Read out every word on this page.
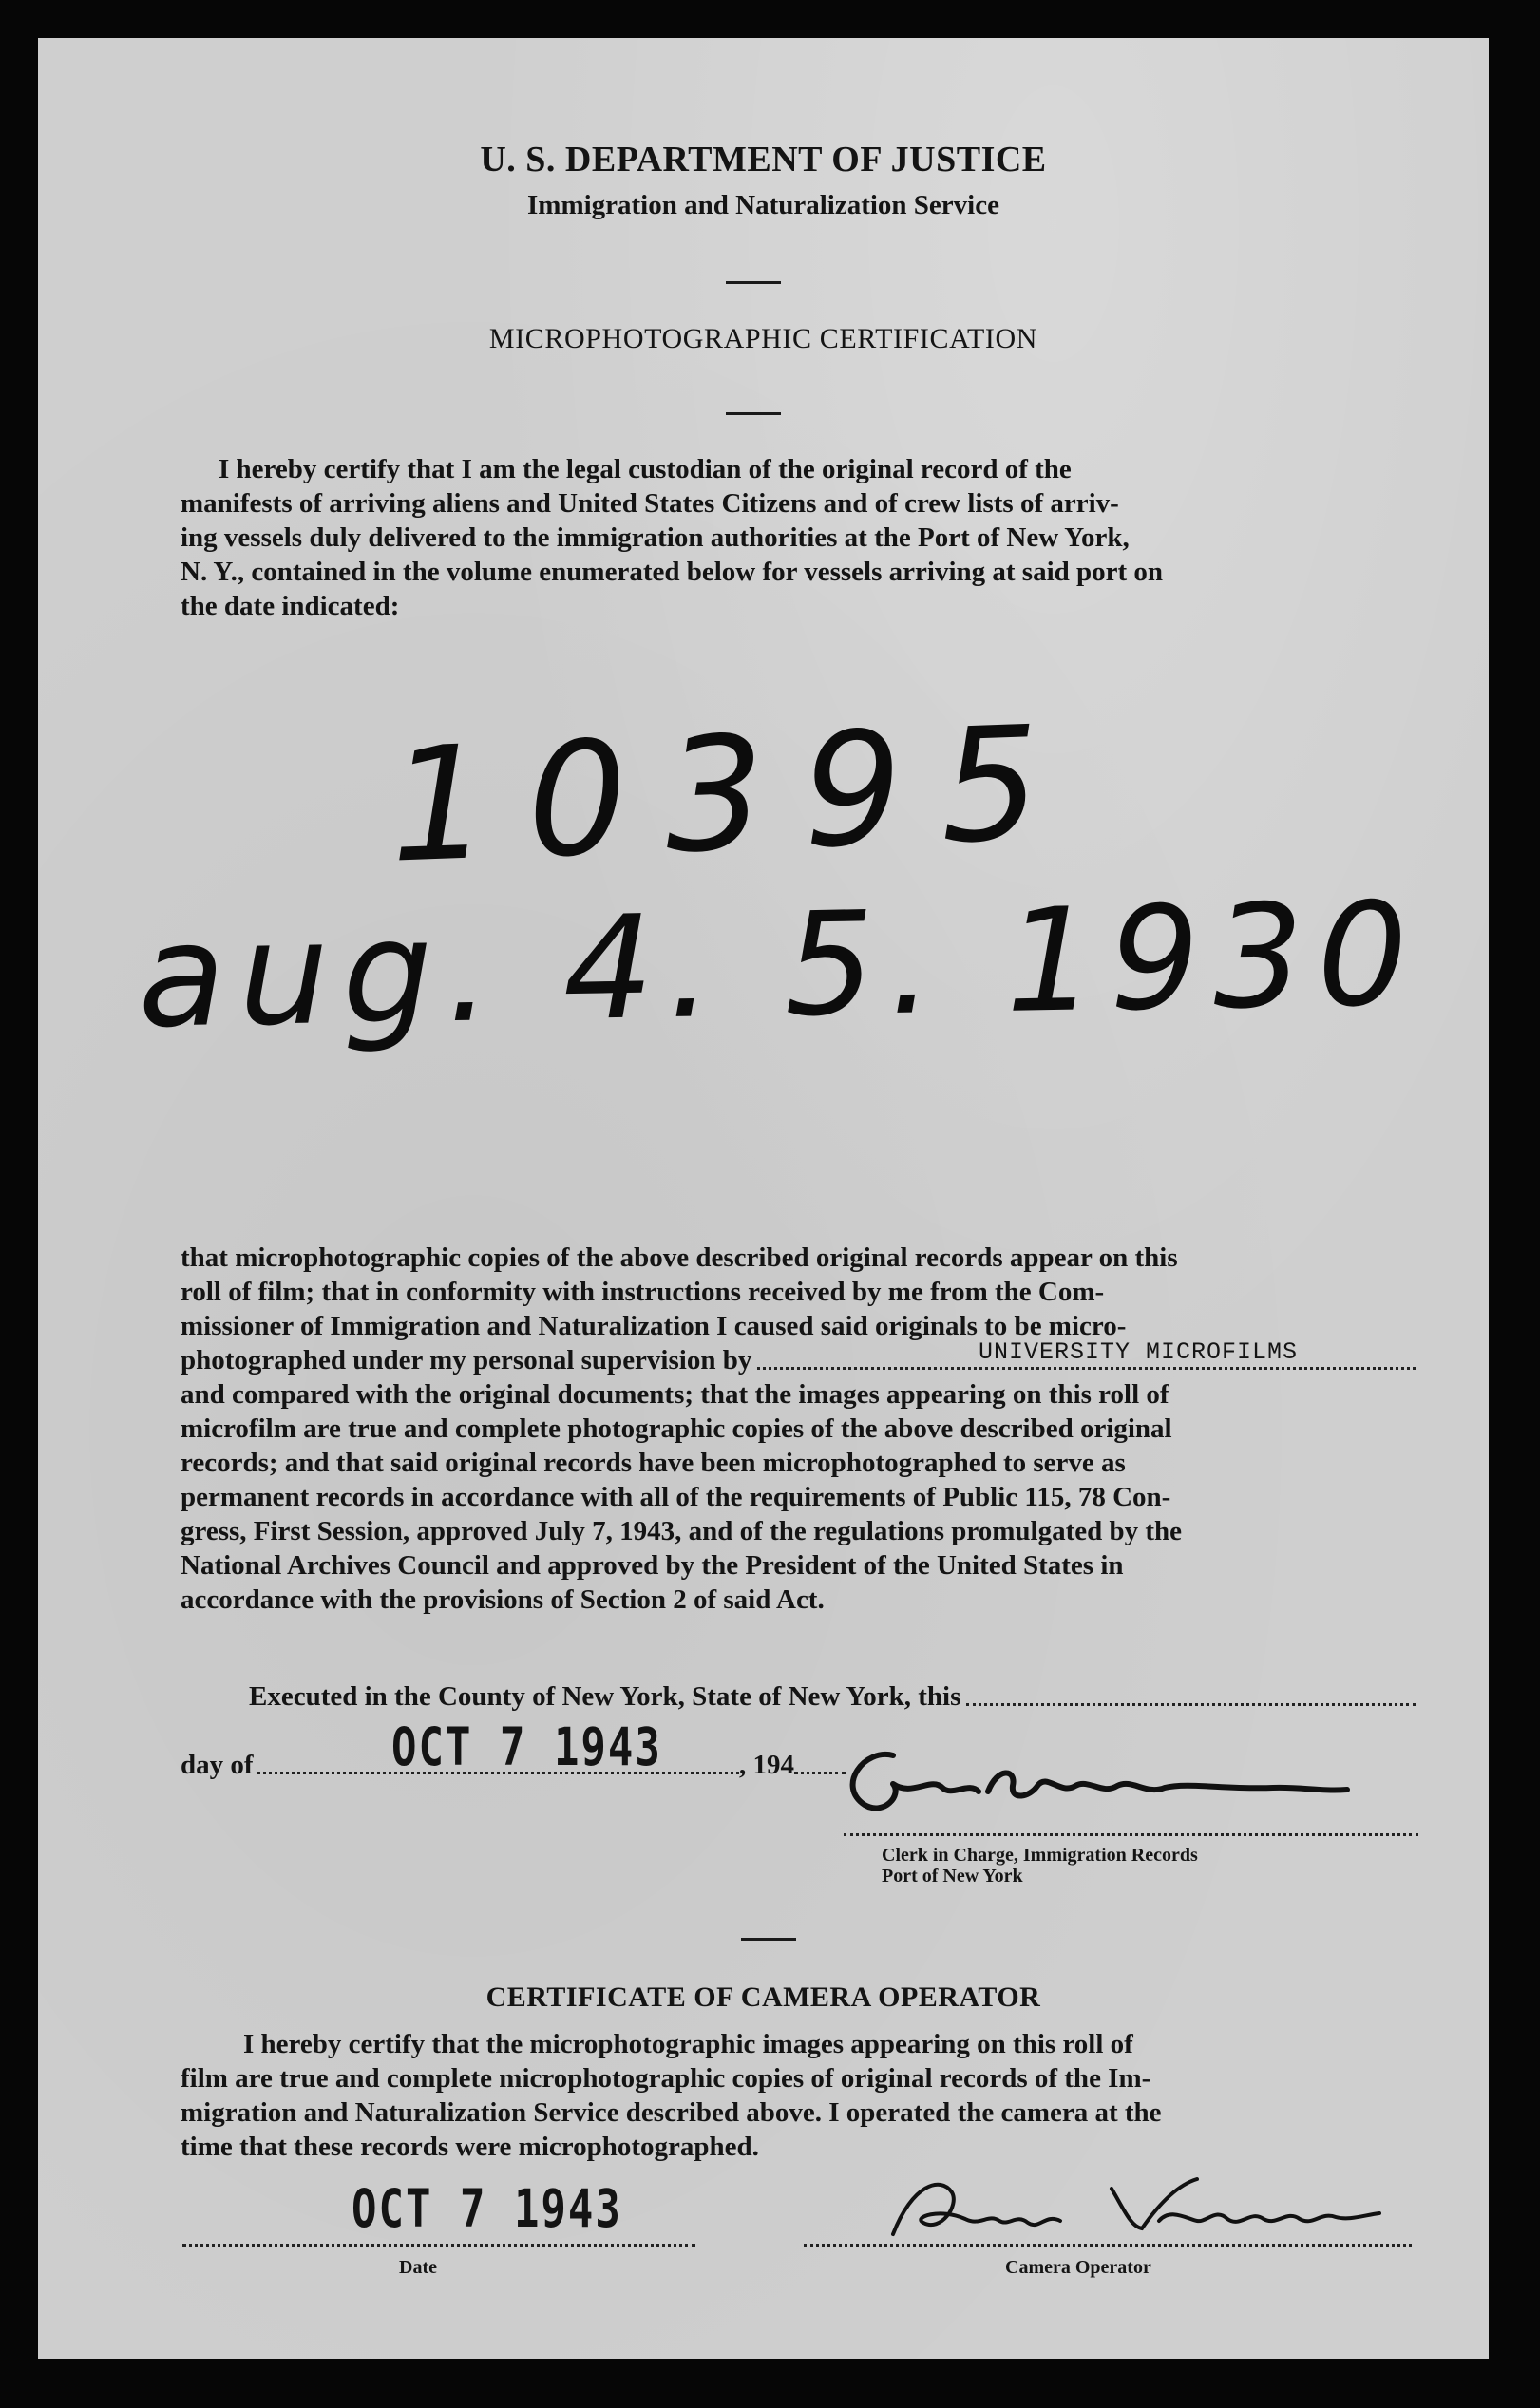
U. S. DEPARTMENT OF JUSTICE
Immigration and Naturalization Service
MICROPHOTOGRAPHIC CERTIFICATION
I hereby certify that I am the legal custodian of the original record of the
manifests of arriving aliens and United States Citizens and of crew lists of arriv-
ing vessels duly delivered to the immigration authorities at the Port of New York,
N. Y., contained in the volume enumerated below for vessels arriving at said port on
the date indicated:
10395
aug. 4. 5. 1930
that microphotographic copies of the above described original records appear on this
roll of film; that in conformity with instructions received by me from the Com-
missioner of Immigration and Naturalization I caused said originals to be micro-
photographed under my personal supervision by
and compared with the original documents; that the images appearing on this roll of
microfilm are true and complete photographic copies of the above described original
records; and that said original records have been microphotographed to serve as
permanent records in accordance with all of the requirements of Public 115, 78 Con-
gress, First Session, approved July 7, 1943, and of the regulations promulgated by the
National Archives Council and approved by the President of the United States in
accordance with the provisions of Section 2 of said Act.
UNIVERSITY MICROFILMS
Executed in the County of New York, State of New York, this
day of	, 194
OCT 7 1943
Clerk in Charge, Immigration Records
Port of New York
CERTIFICATE OF CAMERA OPERATOR
I hereby certify that the microphotographic images appearing on this roll of
film are true and complete microphotographic copies of original records of the Im-
migration and Naturalization Service described above. I operated the camera at the
time that these records were microphotographed.
OCT 7 1943
Date	Camera Operator
